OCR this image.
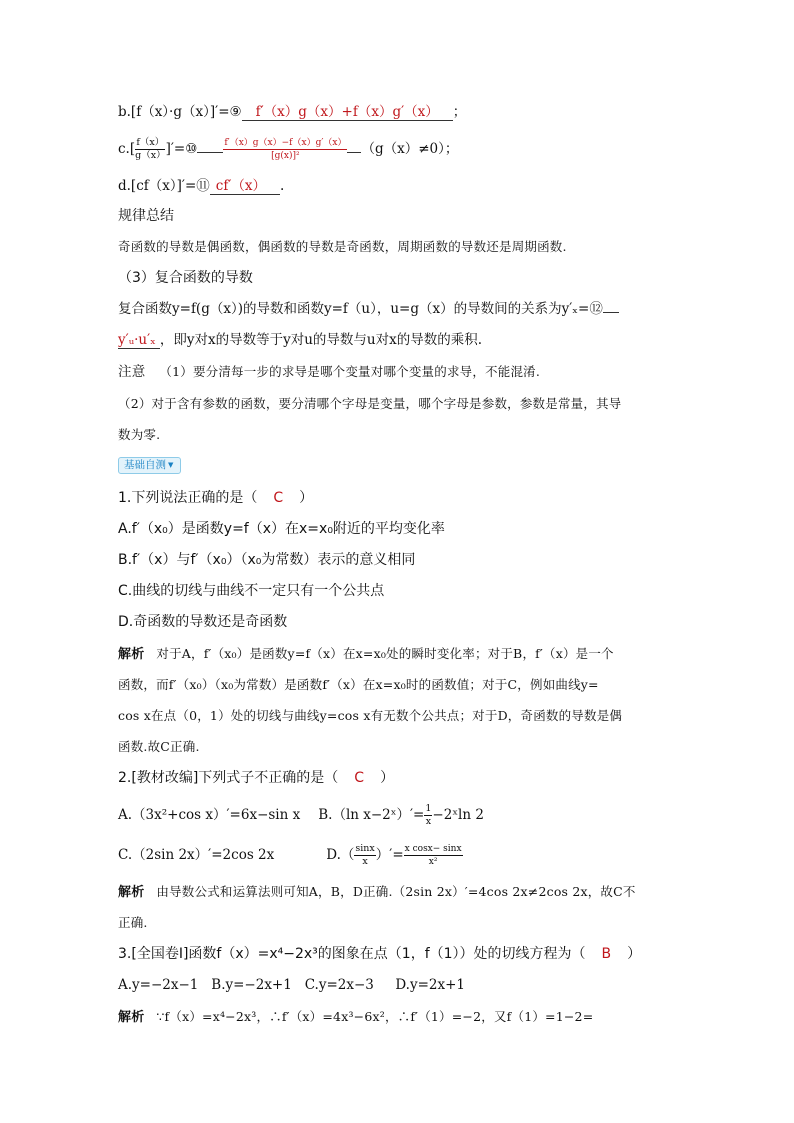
b.[f（x）·g（x）]′=⑨ f′（x）g（x）+f（x）g′（x） ；
$c.[ \frac{f(x)}{g(x)}$ ]′=⑩	$\frac{f'(x)g(x)-f(x)g'(x)}{\text{[g(x)]²}} (g(x)\ne 0)$；
d.[cf（x）]′=⑪ cf′（x） .
规律总结
奇函数的导数是偶函数，偶函数的导数是奇函数，周期函数的导数还是周期函数.
（3）复合函数的导数
复合函数y=f(g（x）)的导数和函数y=f（u），u=g（x）的导数间的关系为y′ₓ=⑫
y′ᵤ·u′ₓ ，即y对x的导数等于y对u的导数与u对x的导数的乘积.
注意 （1）要分清每一步的求导是哪个变量对哪个变量的求导，不能混淆.
（2）对于含有参数的函数，要分清哪个字母是变量，哪个字母是参数，参数是常量，其导
数为零.
基础自测 ▼
1.下列说法正确的是（ C ）
A.f′（x₀）是函数y=f（x）在x=x₀附近的平均变化率
B.f′（x）与f′（x₀）（x₀为常数）表示的意义相同
C.曲线的切线与曲线不一定只有一个公共点
D.奇函数的导数还是奇函数
解析 对于A，f′（x₀）是函数y=f（x）在x=x₀处的瞬时变化率；对于B，f′（x）是一个
函数，而f′（x₀）（x₀为常数）是函数f′（x）在x=x₀时的函数值；对于C，例如曲线y=
cos x在点（0，1）处的切线与曲线y=cos x有无数个公共点；对于D，奇函数的导数是偶
函数.故C正确.
2.[教材改编]下列式子不正确的是（ C ）
A.（3x²+cos x）′=6x−sin x B.（ln x−2ˣ）′= $\frac{1}{x}$ −2ˣln 2
C.（2sin 2x）′=2cos 2x	$D.( \frac{\sin x}{x}$ ）′= $\frac{\text{x cosx− sinx}}{\text{x²}}$
解析 由导数公式和运算法则可知A，B，D正确.（2sin 2x）′=4cos 2x≠2cos 2x，故C不
正确.
3.[全国卷Ⅰ]函数f（x）=x⁴−2x³的图象在点（1，f（1））处的切线方程为（ B ）
A.y=−2x−1   B.y=−2x+1   C.y=2x−3     D.y=2x+1
解析 ∵f（x）=x⁴−2x³，∴f′（x）=4x³−6x²，∴f′（1）=−2，又f（1）=1−2=
